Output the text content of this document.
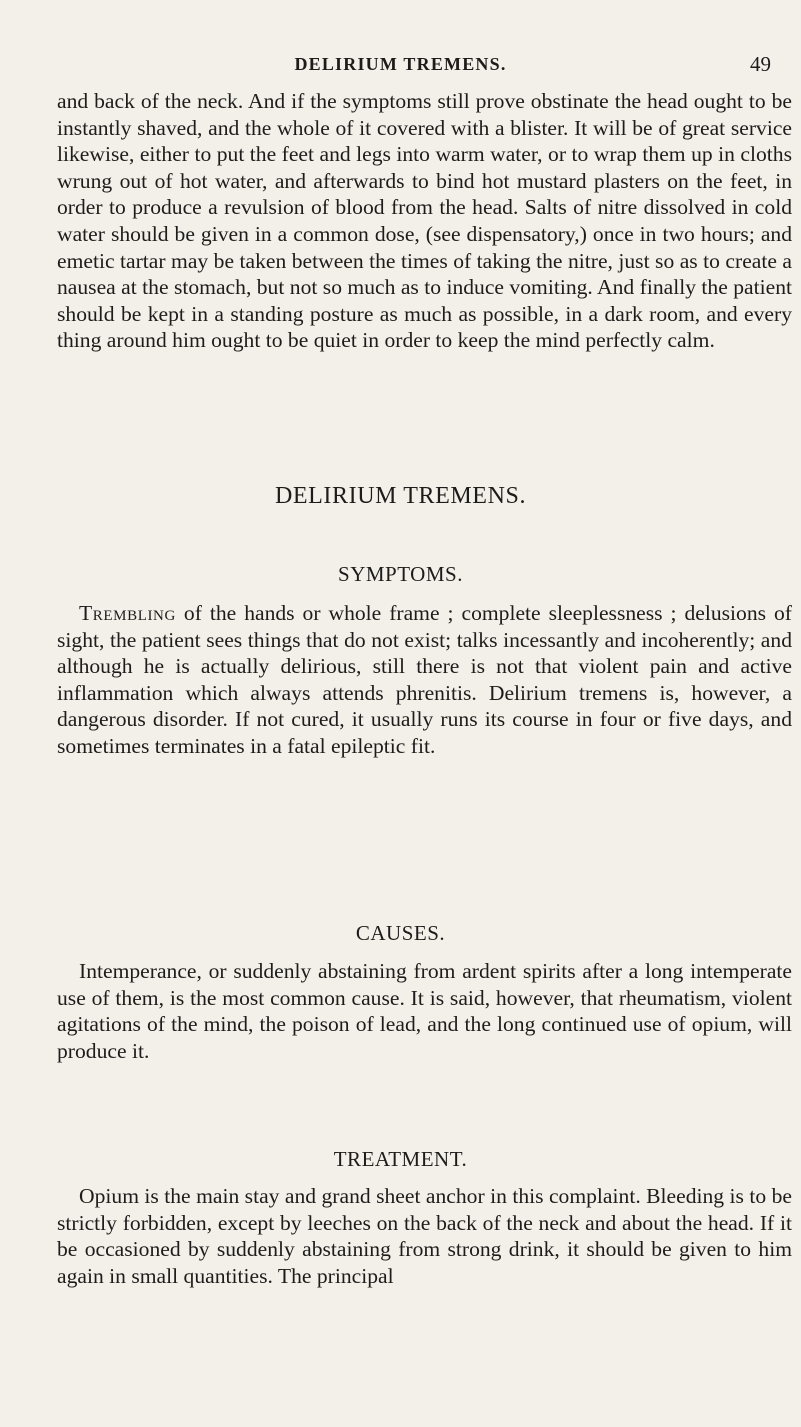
DELIRIUM TREMENS.	49

and back of the neck. And if the symptoms still prove obstinate the head ought to be instantly shaved, and the whole of it covered with a blister. It will be of great service likewise, either to put the feet and legs into warm water, or to wrap them up in cloths wrung out of hot water, and afterwards to bind hot mustard plasters on the feet, in order to produce a revulsion of blood from the head. Salts of nitre dissolved in cold water should be given in a common dose, (see dispensatory,) once in two hours; and emetic tartar may be taken between the times of taking the nitre, just so as to create a nausea at the stomach, but not so much as to induce vomiting. And finally the patient should be kept in a standing posture as much as possible, in a dark room, and every thing around him ought to be quiet in order to keep the mind perfectly calm.

DELIRIUM TREMENS.
SYMPTOMS.

Trembling of the hands or whole frame ; complete sleeplessness ; delusions of sight, the patient sees things that do not exist; talks incessantly and incoherently; and although he is actually delirious, still there is not that violent pain and active inflammation which always attends phrenitis. Delirium tremens is, however, a dangerous disorder. If not cured, it usually runs its course in four or five days, and sometimes terminates in a fatal epileptic fit.

CAUSES.

Intemperance, or suddenly abstaining from ardent spirits after a long intemperate use of them, is the most common cause. It is said, however, that rheumatism, violent agitations of the mind, the poison of lead, and the long continued use of opium, will produce it.

TREATMENT.

Opium is the main stay and grand sheet anchor in this complaint. Bleeding is to be strictly forbidden, except by leeches on the back of the neck and about the head. If it be occasioned by suddenly abstaining from strong drink, it should be given to him again in small quantities. The principal
